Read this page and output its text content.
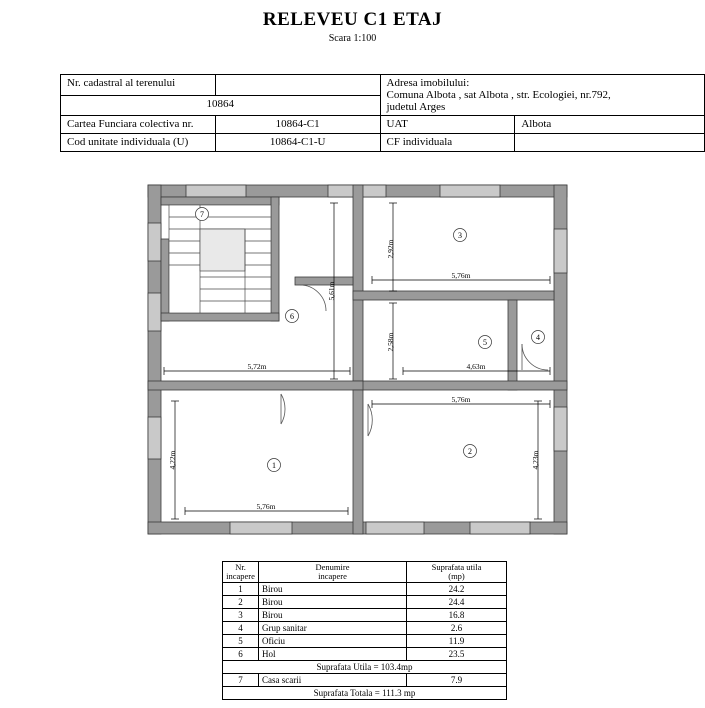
RELEVEU C1 ETAJ
Scara 1:100
Nr. cadastral al terenului		Adresa imobilului:
Comuna Albota , sat Albota , str. Ecologiei, nr.792,
judetul Arges	

10864			
Cartea Funciara colectiva nr.	10864-C1	UAT	Albota
Cod unitate individuala (U)	10864-C1-U	CF individuala	
7
3
6
5
4
1
2
2,92m
5,76m
5,61m
2,58m
5,72m	4,63m
5,76m
4,22m	4,23m
5,76m
Nr.
incapere

Denumire
incapere

Suprafata utila
(mp)

1	Birou	24.2
2	Birou	24.4
3	Birou	16.8
4	Grup sanitar	2.6
5	Oficiu	11.9
6	Hol	23.5
Suprafata Utila = 103.4mp		
7	Casa scarii	7.9
Suprafata Totala = 111.3 mp		
